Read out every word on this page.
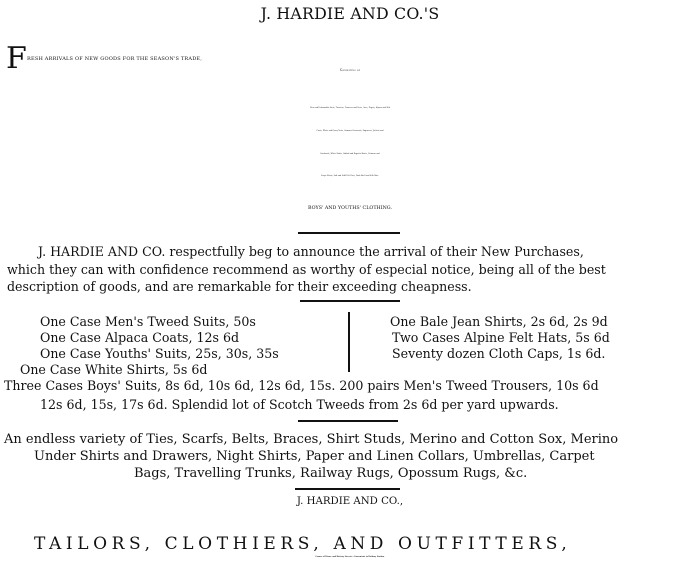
J. HARDIE AND CO.'S
FRESH ARRIVALS OF NEW GOODS FOR THE SEASON'S TRADE,
Consisting of
New and Fashionable Suits, Trousers, Trousers and Vests, Sacs, Pagets, Alpaca and Silk
Coats, White and Fancy Vests, Summer Overcoats, Engineers' Jackets and
Overhauls, White Shirts, Oxford and Regatta Shirts, Crimean and
Crape Shirts, Soft and Stiff Felt Hats, Drab Shell and Silk Hats.
BOYS' AND YOUTHS' CLOTHING.
J. HARDIE AND CO. respectfully beg to announce the arrival of their New Purchases,
which they can with confidence recommend as worthy of especial notice, being all of the best
description of goods, and are remarkable for their exceeding cheapness.
One Case Men's Tweed Suits, 50s
One Case Alpaca Coats, 12s 6d
One Case Youths' Suits, 25s, 30s, 35s
One Case White Shirts, 5s 6d
One Bale Jean Shirts, 2s 6d, 2s 9d
Two Cases Alpine Felt Hats, 5s 6d
Seventy dozen Cloth Caps, 1s 6d.
Three Cases Boys' Suits, 8s 6d, 10s 6d, 12s 6d, 15s. 200 pairs Men's Tweed Trousers, 10s 6d
12s 6d, 15s, 17s 6d. Splendid lot of Scotch Tweeds from 2s 6d per yard upwards.
An endless variety of Ties, Scarfs, Belts, Braces, Shirt Studs, Merino and Cotton Sox, Merino
Under Shirts and Drawers, Night Shirts, Paper and Linen Collars, Umbrellas, Carpet
Bags, Travelling Trunks, Railway Rugs, Opossum Rugs, &c.
J. HARDIE AND CO.,
TAILORS, CLOTHIERS, AND OUTFITTERS,
Corner of Prince and Rattray Streets.—Convenient to Railway Station.
